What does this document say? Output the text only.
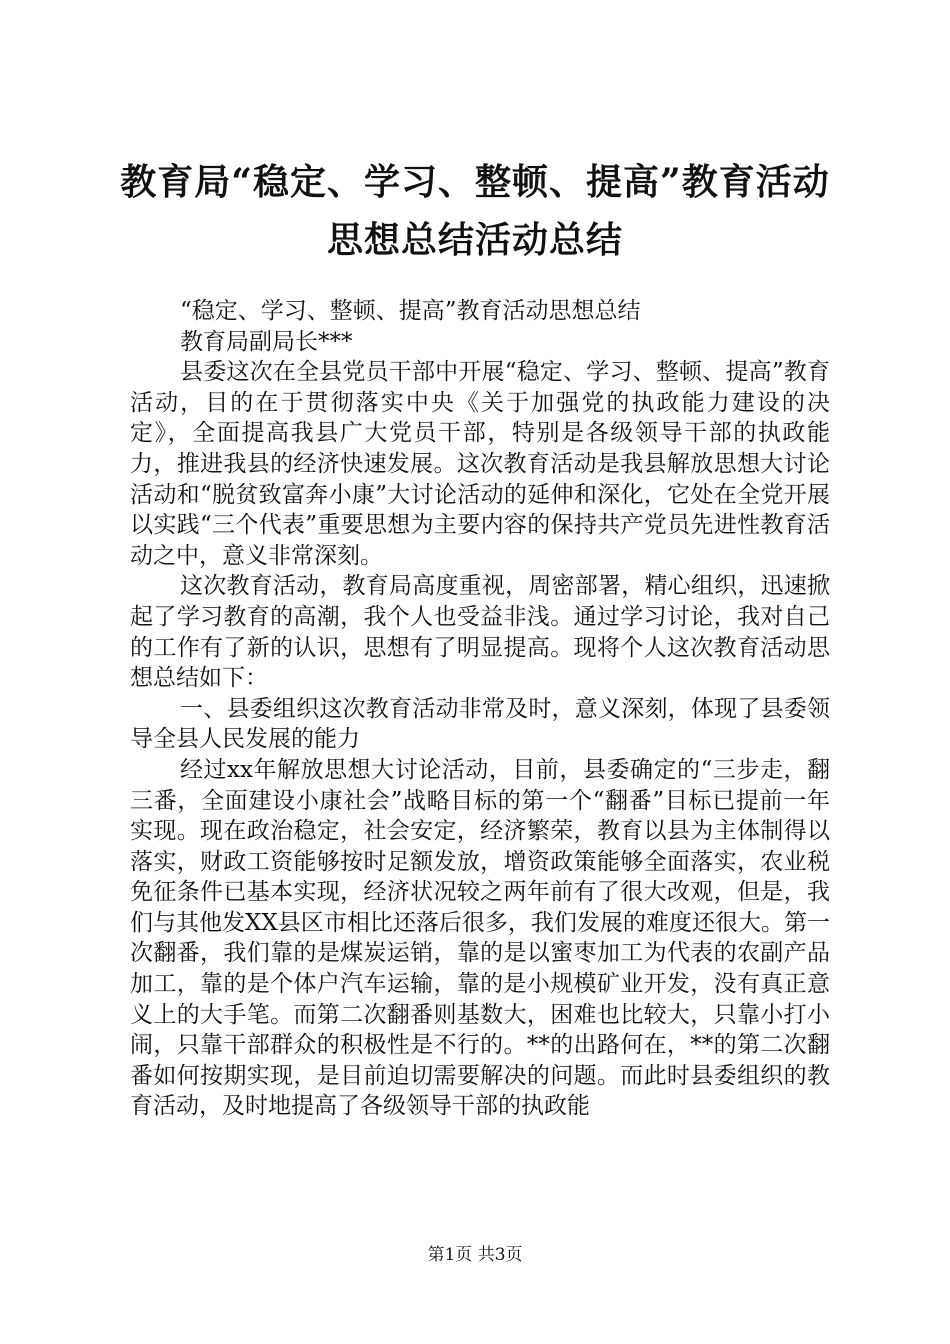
教育局“稳定、学习、整顿、提高”教育活动
思想总结活动总结

“稳定、学习、整顿、提高”教育活动思想总结

教育局副局长***

县委这次在全县党员干部中开展“稳定、学习、整顿、提高”教育活动，目的在于贯彻落实中央《关于加强党的执政能力建设的决定》，全面提高我县广大党员干部，特别是各级领导干部的执政能力，推进我县的经济快速发展。这次教育活动是我县解放思想大讨论活动和“脱贫致富奔小康”大讨论活动的延伸和深化，它处在全党开展以实践“三个代表”重要思想为主要内容的保持共产党员先进性教育活动之中，意义非常深刻。

这次教育活动，教育局高度重视，周密部署，精心组织，迅速掀起了学习教育的高潮，我个人也受益非浅。通过学习讨论，我对自己的工作有了新的认识，思想有了明显提高。现将个人这次教育活动思想总结如下：

一、县委组织这次教育活动非常及时，意义深刻，体现了县委领导全县人民发展的能力

经过xx年解放思想大讨论活动，目前，县委确定的“三步走，翻三番，全面建设小康社会”战略目标的第一个“翻番”目标已提前一年实现。现在政治稳定，社会安定，经济繁荣，教育以县为主体制得以落实，财政工资能够按时足额发放，增资政策能够全面落实，农业税免征条件已基本实现，经济状况较之两年前有了很大改观，但是，我们与其他发XX县区市相比还落后很多，我们发展的难度还很大。第一次翻番，我们靠的是煤炭运销，靠的是以蜜枣加工为代表的农副产品加工，靠的是个体户汽车运输，靠的是小规模矿业开发，没有真正意义上的大手笔。而第二次翻番则基数大，困难也比较大，只靠小打小闹，只靠干部群众的积极性是不行的。**的出路何在，**的第二次翻番如何按期实现，是目前迫切需要解决的问题。而此时县委组织的教育活动，及时地提高了各级领导干部的执政能

第1页 共3页
